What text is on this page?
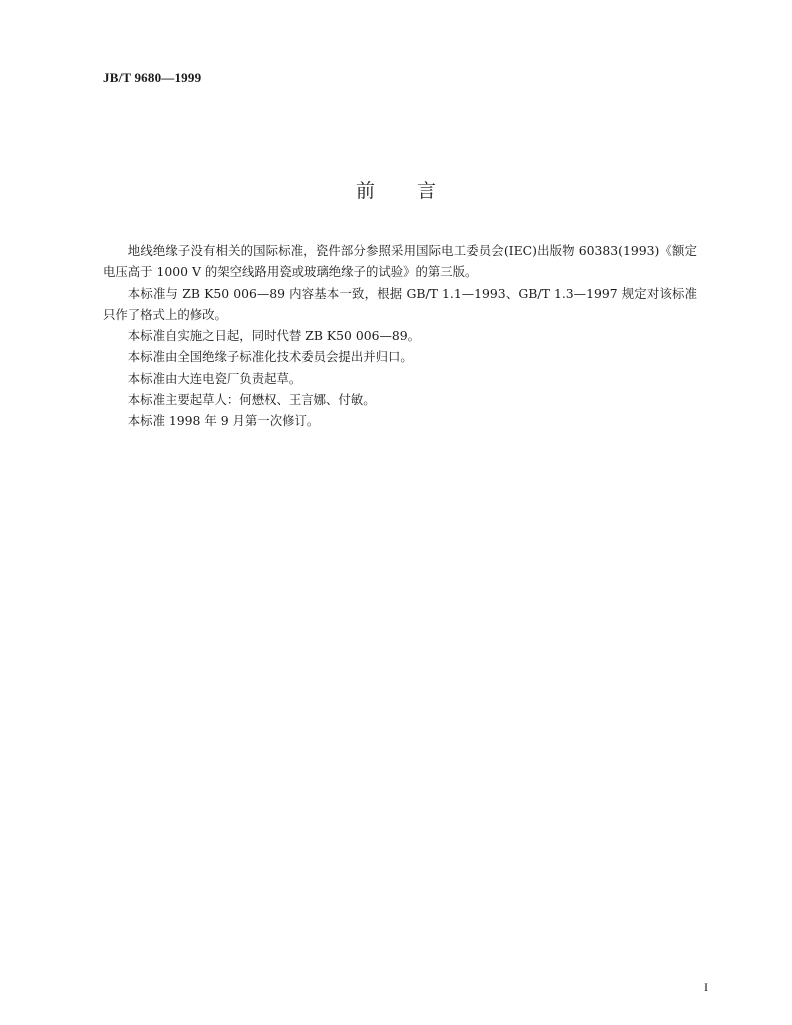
JB/T 9680—1999
前言

地线绝缘子没有相关的国际标准，瓷件部分参照采用国际电工委员会(IEC)出版物 60383(1993)《额定电压高于 1000 V 的架空线路用瓷或玻璃绝缘子的试验》的第三版。

本标准与 ZB K50 006—89 内容基本一致，根据 GB/T 1.1—1993、GB/T 1.3—1997 规定对该标准只作了格式上的修改。

本标准自实施之日起，同时代替 ZB K50 006—89。

本标准由全国绝缘子标准化技术委员会提出并归口。

本标准由大连电瓷厂负责起草。

本标准主要起草人：何懋权、王言娜、付敏。

本标准 1998 年 9 月第一次修订。

I
